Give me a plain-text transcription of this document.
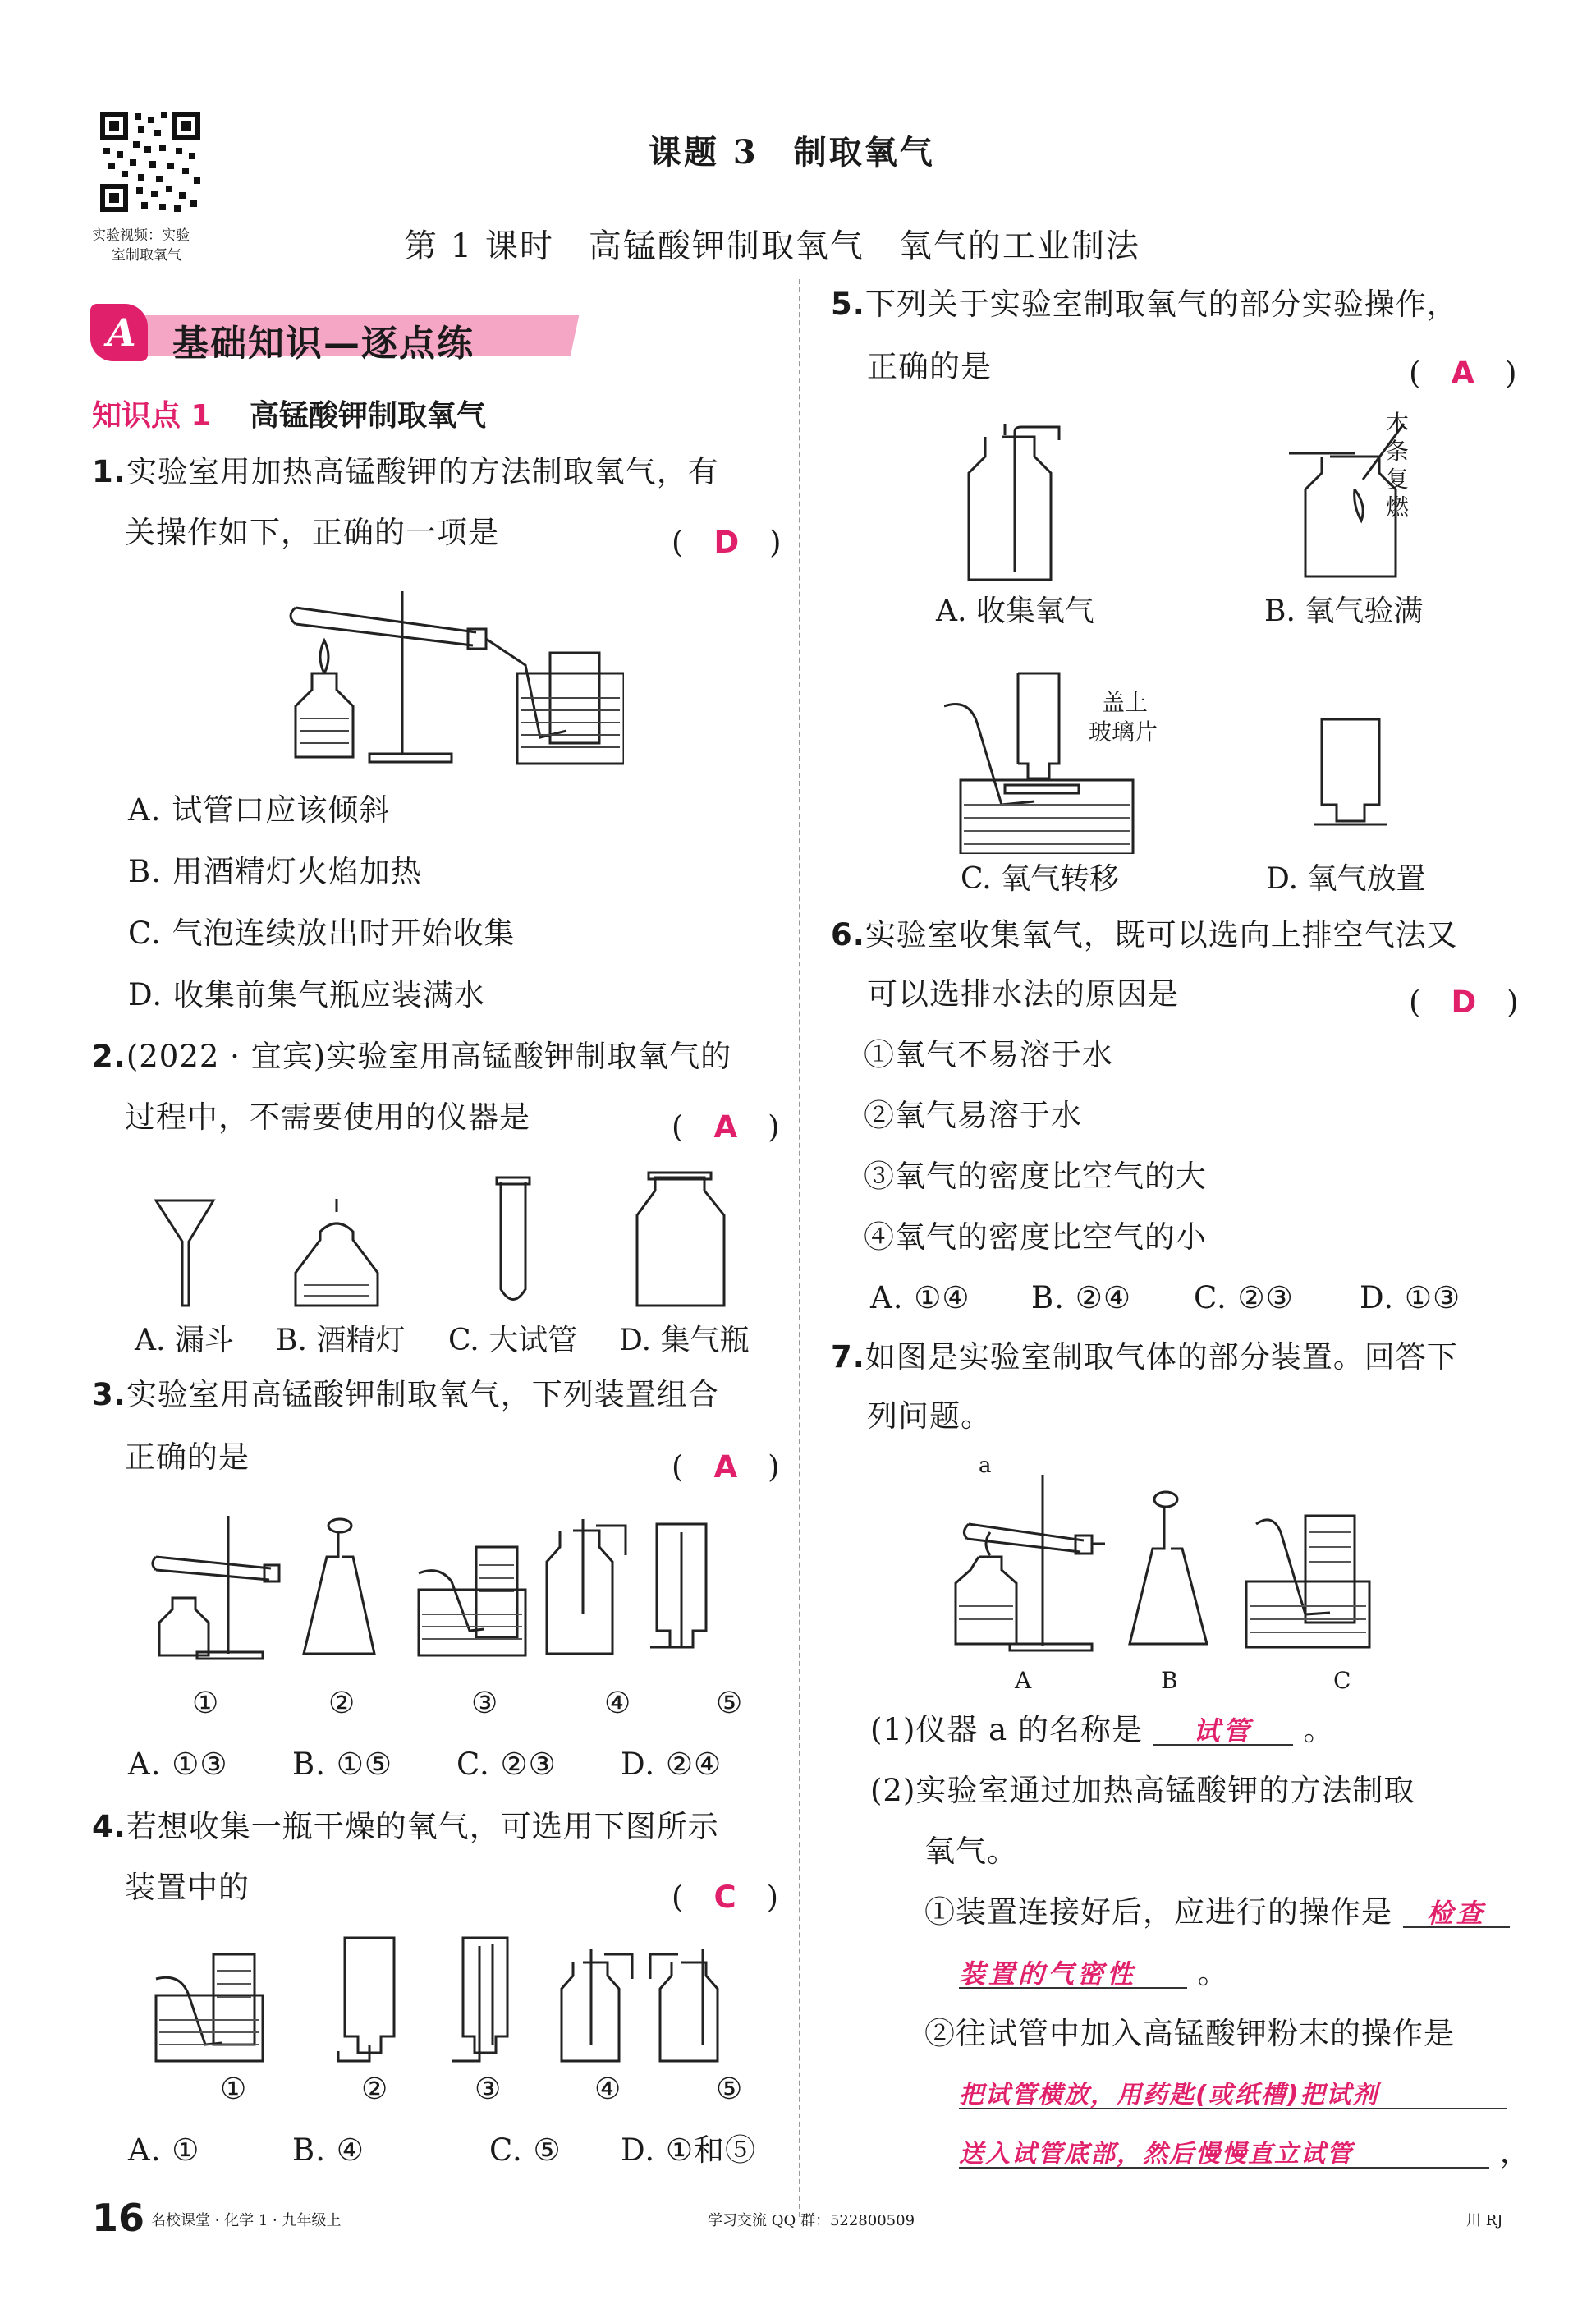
实验视频：实验
室制取氧气
课题 3　制取氧气
第 1 课时　高锰酸钾制取氧气　氧气的工业制法
A 基础知识—逐点练
知识点 1 高锰酸钾制取氧气
1.实验室用加热高锰酸钾的方法制取氧气，有
关操作如下，正确的一项是	(　D　)
A. 试管口应该倾斜
B. 用酒精灯火焰加热
C. 气泡连续放出时开始收集
D. 收集前集气瓶应装满水
2.(2022 · 宜宾)实验室用高锰酸钾制取氧气的
过程中，不需要使用的仪器是	(　A　)
A. 漏斗 B. 酒精灯 C. 大试管 D. 集气瓶
3.实验室用高锰酸钾制取氧气，下列装置组合
正确的是	(　A　)
①	②	③	④	⑤
A. ①③ B. ①⑤ C. ②③ D. ②④
4.若想收集一瓶干燥的氧气，可选用下图所示
装置中的	(　C　)
①	②	③	④	⑤
A. ①	B. ④	C. ⑤ D. ①和⑤
5.下列关于实验室制取氧气的部分实验操作，
正确的是	(　A　)
木
条
复
燃
A. 收集氧气	B. 氧气验满
盖上
玻璃片
C. 氧气转移	D. 氧气放置
6.实验室收集氧气，既可以选向上排空气法又
可以选排水法的原因是	(　D　)
①氧气不易溶于水
②氧气易溶于水
③氧气的密度比空气的大
④氧气的密度比空气的小
A. ①④ B. ②④ C. ②③ D. ①③
7.如图是实验室制取气体的部分装置。回答下
列问题。
a
A	B	C
(1)仪器 a 的名称是 试管 。
(2)实验室通过加热高锰酸钾的方法制取
氧气。
①装置连接好后，应进行的操作是 检查
装置的气密性 。
②往试管中加入高锰酸钾粉末的操作是
把试管横放，用药匙(或纸槽)把试剂
送入试管底部，然后慢慢直立试管	，
16 名校课堂 · 化学 1 · 九年级上	学习交流 QQ 群：522800509	川 RJ
